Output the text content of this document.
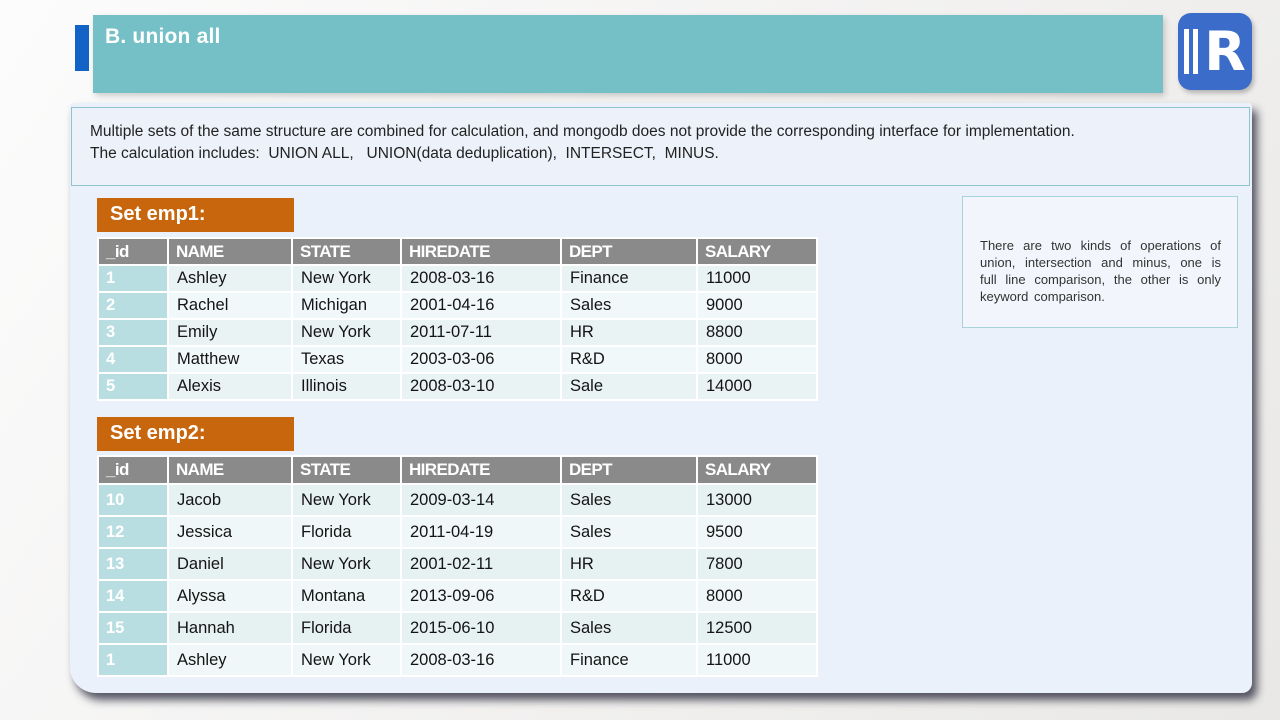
B. union all	R
Multiple sets of the same structure are combined for calculation, and mongodb does not provide the corresponding interface for implementation.
The calculation includes:  UNION ALL,   UNION(data deduplication),  INTERSECT,  MINUS.
Set emp1:
_id	NAME	STATE	HIREDATE	DEPT	SALARY
1	Ashley	New York	2008-03-16	Finance	11000
2	Rachel	Michigan	2001-04-16	Sales	9000
3	Emily	New York	2011-07-11	HR	8800
4	Matthew	Texas	2003-03-06	R&D	8000
5	Alexis	Illinois	2008-03-10	Sale	14000
Set emp2:
_id	NAME	STATE	HIREDATE	DEPT	SALARY
10	Jacob	New York	2009-03-14	Sales	13000
12	Jessica	Florida	2011-04-19	Sales	9500
13	Daniel	New York	2001-02-11	HR	7800
14	Alyssa	Montana	2013-09-06	R&D	8000
15	Hannah	Florida	2015-06-10	Sales	12500
1	Ashley	New York	2008-03-16	Finance	11000
There are two kinds of operations of union, intersection and minus, one is full line comparison, the other is only keyword comparison.
